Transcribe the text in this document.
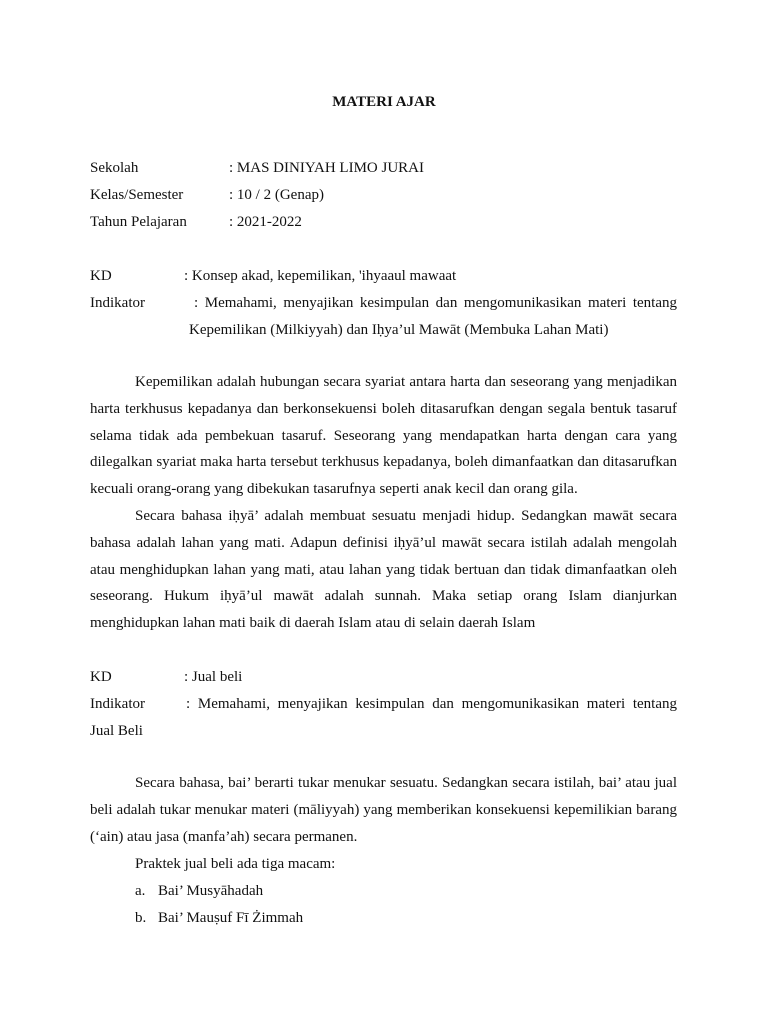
MATERI AJAR
Sekolah	: MAS DINIYAH LIMO JURAI
Kelas/Semester	: 10 / 2 (Genap)
Tahun Pelajaran	: 2021-2022
KD	: Konsep akad, kepemilikan, 'ihyaaul mawaat
Indikator	: Memahami, menyajikan kesimpulan dan mengomunikasikan materi tentang
Kepemilikan (Milkiyyah) dan Iḥya’ul Mawāt (Membuka Lahan Mati)
Kepemilikan adalah hubungan secara syariat antara harta dan seseorang yang menjadikan harta terkhusus kepadanya dan berkonsekuensi boleh ditasarufkan dengan segala bentuk tasaruf selama tidak ada pembekuan tasaruf. Seseorang yang mendapatkan harta dengan cara yang dilegalkan syariat maka harta tersebut terkhusus kepadanya, boleh dimanfaatkan dan ditasarufkan kecuali orang-orang yang dibekukan tasarufnya seperti anak kecil dan orang gila.
Secara bahasa iḥyā’ adalah membuat sesuatu menjadi hidup. Sedangkan mawāt secara bahasa adalah lahan yang mati. Adapun definisi iḥyā’ul mawāt secara istilah adalah mengolah atau menghidupkan lahan yang mati, atau lahan yang tidak bertuan dan tidak dimanfaatkan oleh seseorang. Hukum iḥyā’ul mawāt adalah sunnah. Maka setiap orang Islam dianjurkan menghidupkan lahan mati baik di daerah Islam atau di selain daerah Islam
KD	: Jual beli
Indikator	: Memahami, menyajikan kesimpulan dan mengomunikasikan materi tentang
Jual Beli
Secara bahasa, bai’ berarti tukar menukar sesuatu. Sedangkan secara istilah, bai’ atau jual beli adalah tukar menukar materi (māliyyah) yang memberikan konsekuensi kepemilikian barang (‘ain) atau jasa (manfa’ah) secara permanen.
Praktek jual beli ada tiga macam:
a. Bai’ Musyāhadah
b. Bai’ Mauṣuf Fī Żimmah
